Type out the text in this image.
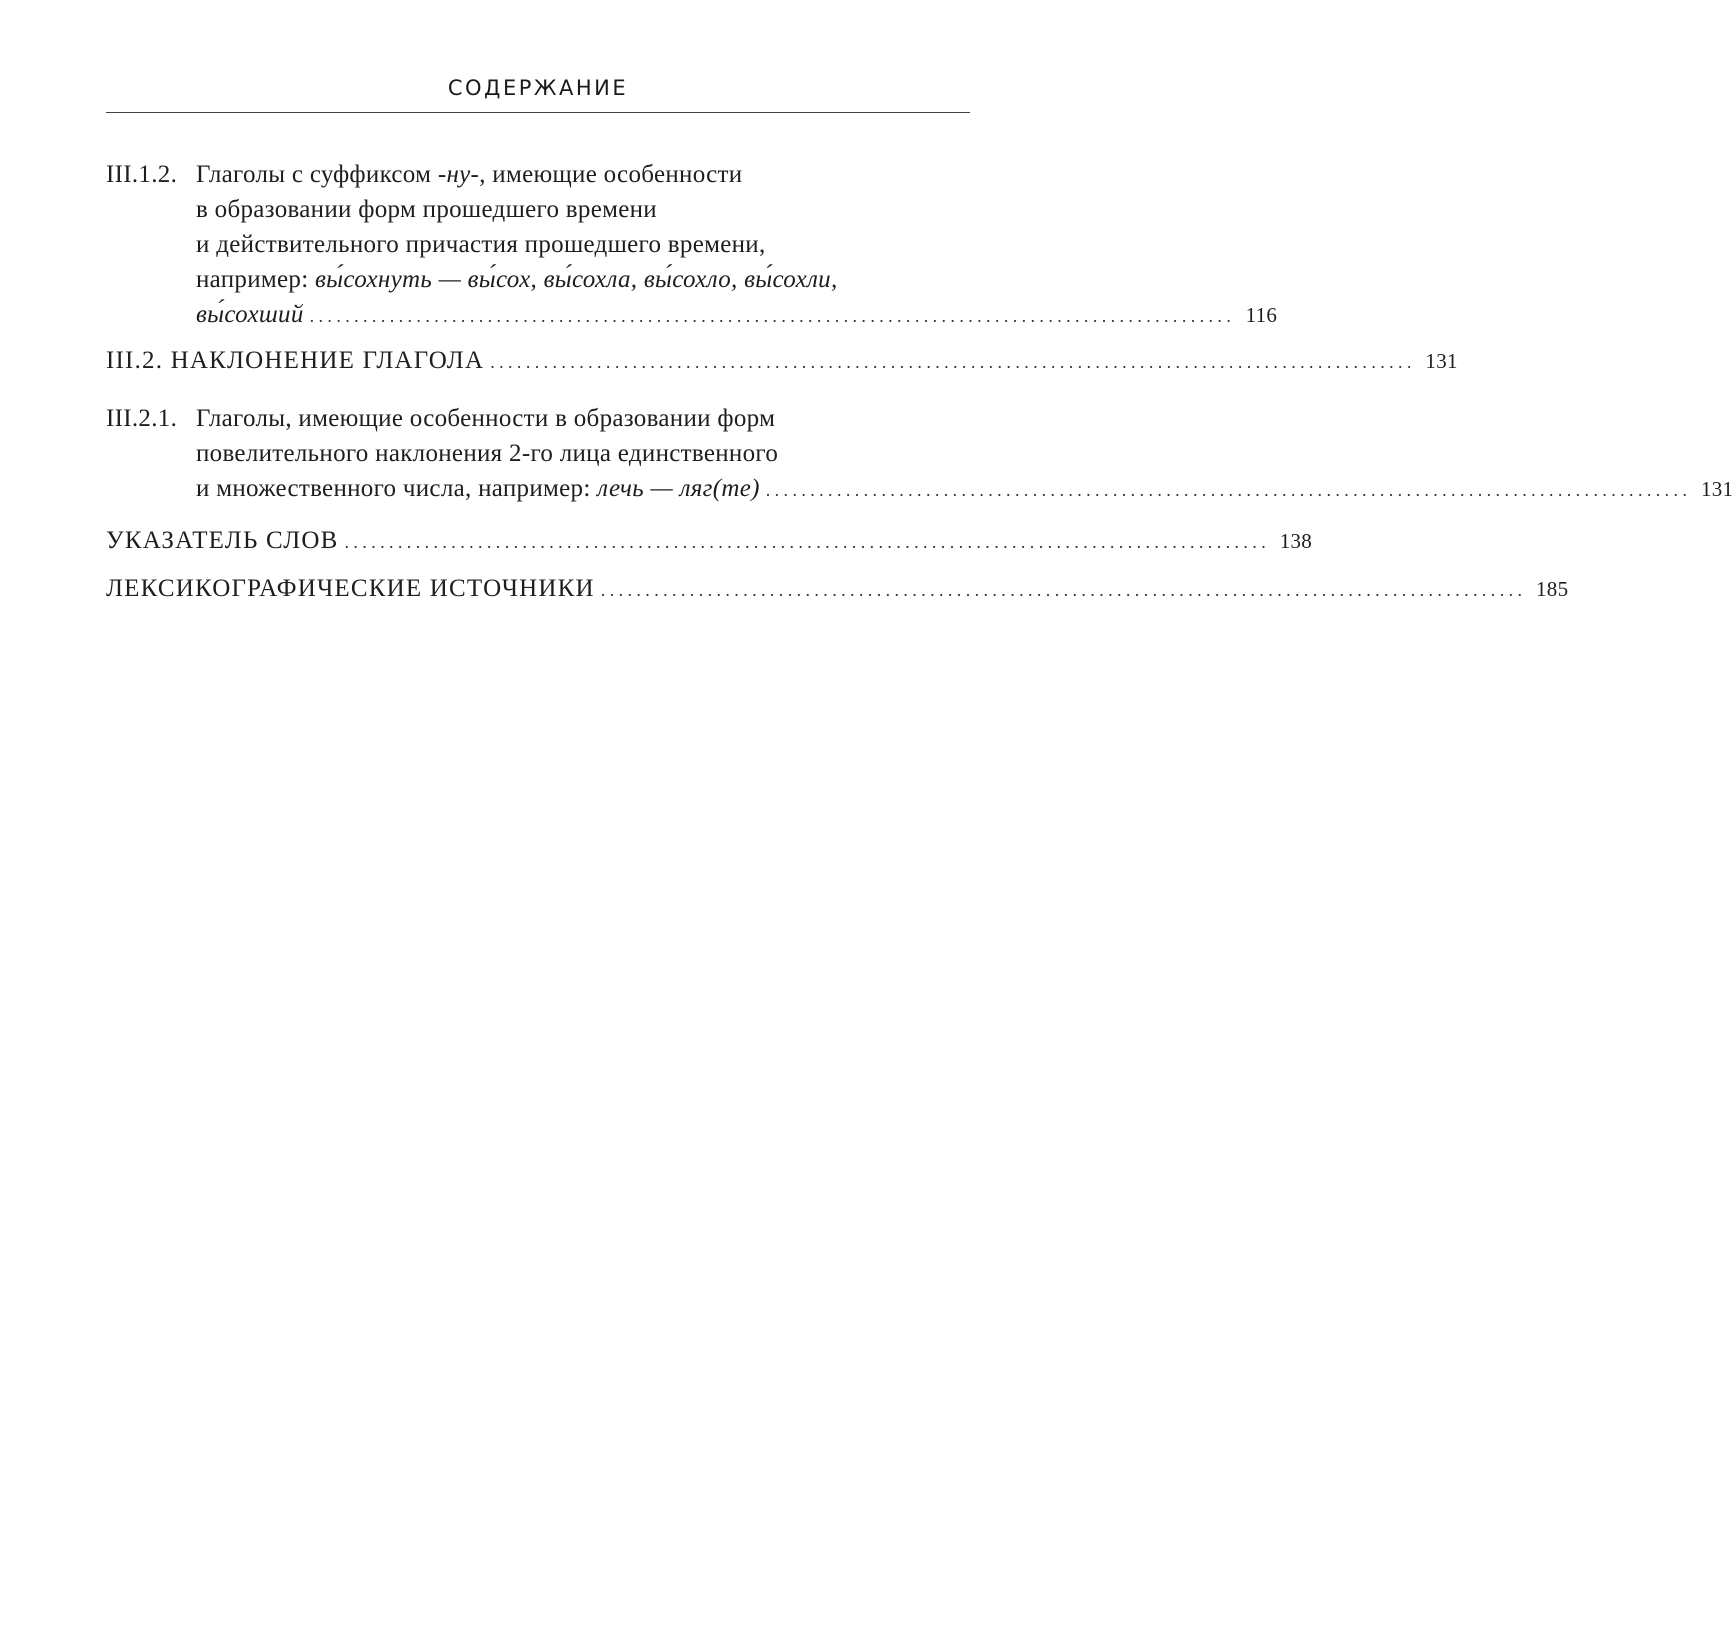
СОДЕРЖАНИЕ
III.1.2. Глаголы с суффиксом -ну-, имеющие особенности
в образовании форм прошедшего времени
и действительного причастия прошедшего времени,
например:
вы́сохнуть — вы́сох, вы́сохла, вы́сохло, вы́сохли,
вы́сохший ........................................................................................................ 116
III.2. НАКЛОНЕНИЕ ГЛАГОЛА ........................................................................................................ 131
III.2.1. Глаголы, имеющие особенности в образовании форм
повелительного наклонения 2-го лица единственного
и множественного числа, например:
лечь — ляг(те) ........................................................................................................ 131
УКАЗАТЕЛЬ СЛОВ ........................................................................................................ 138
ЛЕКСИКОГРАФИЧЕСКИЕ ИСТОЧНИКИ ........................................................................................................ 185
